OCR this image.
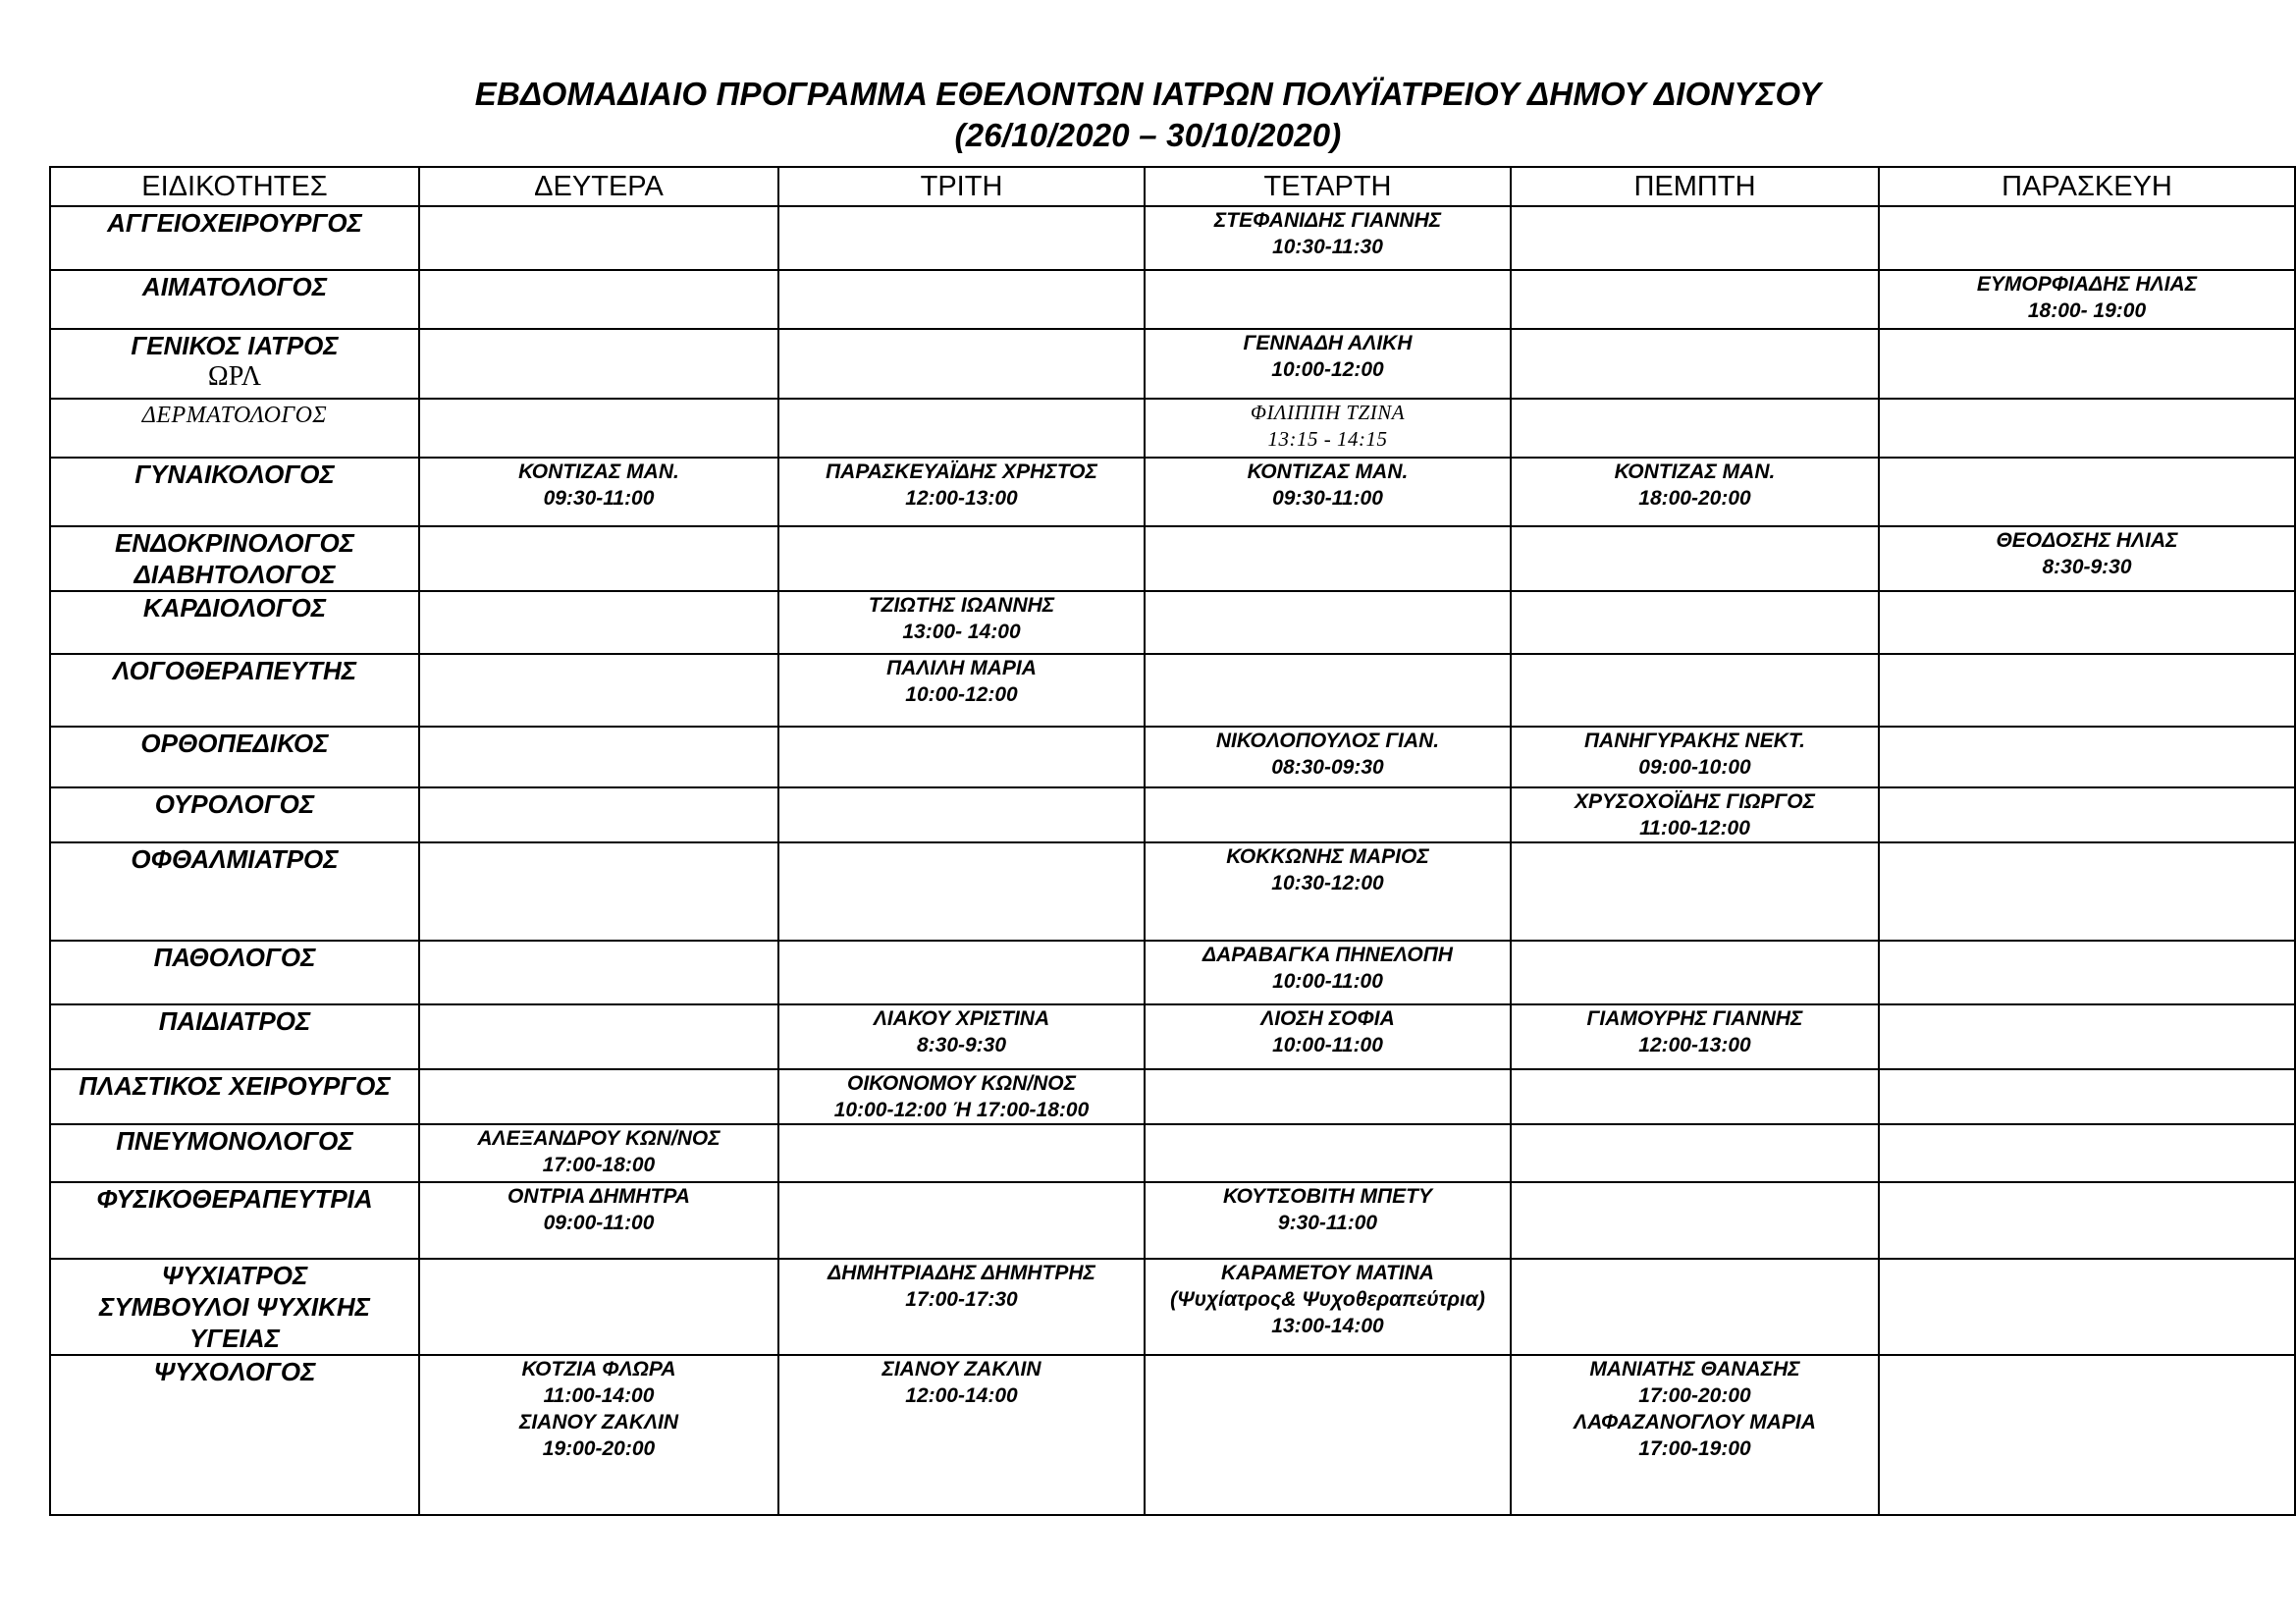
ΕΒΔΟΜΑΔΙΑΙΟ ΠΡΟΓΡΑΜΜΑ ΕΘΕΛΟΝΤΩΝ ΙΑΤΡΩΝ ΠΟΛΥΪΑΤΡΕΙΟΥ ΔΗΜΟΥ ΔΙΟΝΥΣΟΥ

(26/10/2020 – 30/10/2020)

ΕΙΔΙΚΟΤΗΤΕΣ	ΔΕΥΤΕΡΑ	ΤΡΙΤΗ	ΤΕΤΑΡΤΗ	ΠΕΜΠΤΗ	ΠΑΡΑΣΚΕΥΗ

ΑΓΓΕΙΟΧΕΙΡΟΥΡΓΟΣ			ΣΤΕΦΑΝΙΔΗΣ ΓΙΑΝΝΗΣ
10:30-11:30		

ΑΙΜΑΤΟΛΟΓΟΣ					ΕΥΜΟΡΦΙΑΔΗΣ ΗΛΙΑΣ
18:00- 19:00

ΓΕΝΙΚΟΣ ΙΑΤΡΟΣ
ΩΡΛ			ΓΕΝΝΑΔΗ ΑΛΙΚΗ
10:00-12:00		

ΔΕΡΜΑΤΟΛΟΓΟΣ			ΦΙΛΙΠΠΗ ΤΖΙΝΑ
13:15 - 14:15		

ΓΥΝΑΙΚΟΛΟΓΟΣ	ΚΟΝΤΙΖΑΣ ΜΑΝ.
09:30-11:00	ΠΑΡΑΣΚΕΥΑΪΔΗΣ ΧΡΗΣΤΟΣ
12:00-13:00	ΚΟΝΤΙΖΑΣ ΜΑΝ.
09:30-11:00	ΚΟΝΤΙΖΑΣ ΜΑΝ.
18:00-20:00	

ΕΝΔΟΚΡΙΝΟΛΟΓΟΣ
ΔΙΑΒΗΤΟΛΟΓΟΣ					ΘΕΟΔΟΣΗΣ ΗΛΙΑΣ
8:30-9:30

ΚΑΡΔΙΟΛΟΓΟΣ		ΤΖΙΩΤΗΣ ΙΩΑΝΝΗΣ
13:00- 14:00			

ΛΟΓΟΘΕΡΑΠΕΥΤΗΣ		ΠΑΛΙΛΗ ΜΑΡΙΑ
10:00-12:00			

ΟΡΘΟΠΕΔΙΚΟΣ			ΝΙΚΟΛΟΠΟΥΛΟΣ ΓΙΑΝ.
08:30-09:30	ΠΑΝΗΓΥΡΑΚΗΣ ΝΕΚΤ.
09:00-10:00	

ΟΥΡΟΛΟΓΟΣ				ΧΡΥΣΟΧΟΪΔΗΣ ΓΙΩΡΓΟΣ
11:00-12:00	

ΟΦΘΑΛΜΙΑΤΡΟΣ			ΚΟΚΚΩΝΗΣ ΜΑΡΙΟΣ
10:30-12:00		

ΠΑΘΟΛΟΓΟΣ			ΔΑΡΑΒΑΓΚΑ ΠΗΝΕΛΟΠΗ
10:00-11:00		

ΠΑΙΔΙΑΤΡΟΣ		ΛΙΑΚΟΥ ΧΡΙΣΤΙΝΑ
8:30-9:30	ΛΙΟΣΗ ΣΟΦΙΑ
10:00-11:00	ΓΙΑΜΟΥΡΗΣ ΓΙΑΝΝΗΣ
12:00-13:00	

ΠΛΑΣΤΙΚΟΣ ΧΕΙΡΟΥΡΓΟΣ		ΟΙΚΟΝΟΜΟΥ ΚΩΝ/ΝΟΣ
10:00-12:00 Ή 17:00-18:00			

ΠΝΕΥΜΟΝΟΛΟΓΟΣ	ΑΛΕΞΑΝΔΡΟΥ ΚΩΝ/ΝΟΣ
17:00-18:00				

ΦΥΣΙΚΟΘΕΡΑΠΕΥΤΡΙΑ	ΟΝΤΡΙΑ ΔΗΜΗΤΡΑ
09:00-11:00		ΚΟΥΤΣΟΒΙΤΗ ΜΠΕΤΥ
9:30-11:00		

ΨΥΧΙΑΤΡΟΣ
ΣΥΜΒΟΥΛΟΙ ΨΥΧΙΚΗΣ
ΥΓΕΙΑΣ		ΔΗΜΗΤΡΙΑΔΗΣ ΔΗΜΗΤΡΗΣ
17:00-17:30	ΚΑΡΑΜΕΤΟΥ ΜΑΤΙΝΑ
(Ψυχίατρος& Ψυχοθεραπεύτρια)
13:00-14:00		

ΨΥΧΟΛΟΓΟΣ	ΚΟΤΖΙΑ ΦΛΩΡΑ
11:00-14:00
ΣΙΑΝΟΥ ΖΑΚΛΙΝ
19:00-20:00	ΣΙΑΝΟΥ ΖΑΚΛΙΝ
12:00-14:00		ΜΑΝΙΑΤΗΣ ΘΑΝΑΣΗΣ
17:00-20:00
ΛΑΦΑΖΑΝΟΓΛΟΥ ΜΑΡΙΑ
17:00-19:00	
